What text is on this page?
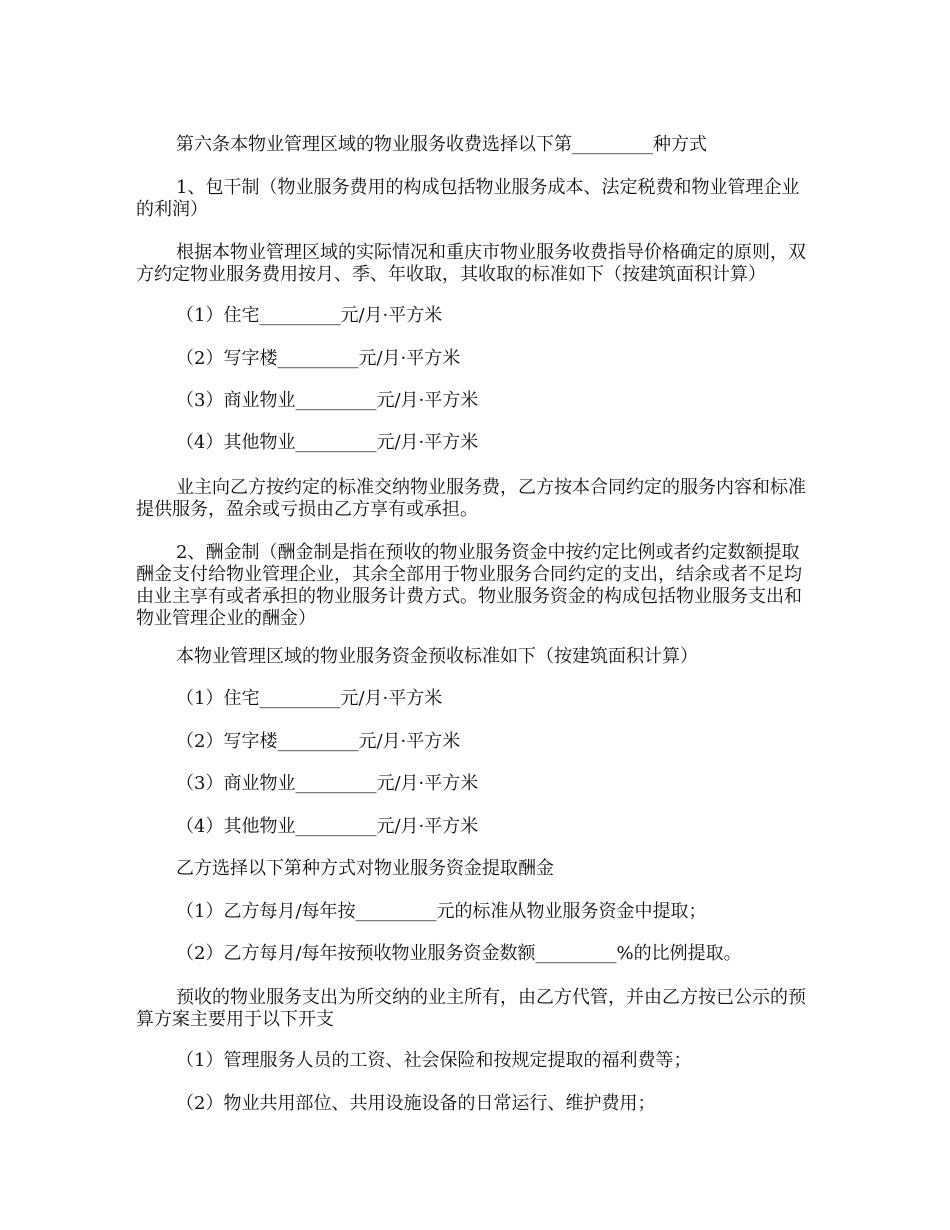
第六条本物业管理区域的物业服务收费选择以下第_________种方式
1、包干制（物业服务费用的构成包括物业服务成本、法定税费和物业管理企业的利润）
根据本物业管理区域的实际情况和重庆市物业服务收费指导价格确定的原则，双方约定物业服务费用按月、季、年收取，其收取的标准如下（按建筑面积计算）
（1）住宅_________元/月·平方米
（2）写字楼_________元/月·平方米
（3）商业物业_________元/月·平方米
（4）其他物业_________元/月·平方米
业主向乙方按约定的标准交纳物业服务费，乙方按本合同约定的服务内容和标准提供服务，盈余或亏损由乙方享有或承担。
2、酬金制（酬金制是指在预收的物业服务资金中按约定比例或者约定数额提取酬金支付给物业管理企业，其余全部用于物业服务合同约定的支出，结余或者不足均由业主享有或者承担的物业服务计费方式。物业服务资金的构成包括物业服务支出和物业管理企业的酬金）
本物业管理区域的物业服务资金预收标准如下（按建筑面积计算）
（1）住宅_________元/月·平方米
（2）写字楼_________元/月·平方米
（3）商业物业_________元/月·平方米
（4）其他物业_________元/月·平方米
乙方选择以下第种方式对物业服务资金提取酬金
（1）乙方每月/每年按_________元的标准从物业服务资金中提取；
（2）乙方每月/每年按预收物业服务资金数额_________%的比例提取。
预收的物业服务支出为所交纳的业主所有，由乙方代管，并由乙方按已公示的预算方案主要用于以下开支
（1）管理服务人员的工资、社会保险和按规定提取的福利费等；
（2）物业共用部位、共用设施设备的日常运行、维护费用；
